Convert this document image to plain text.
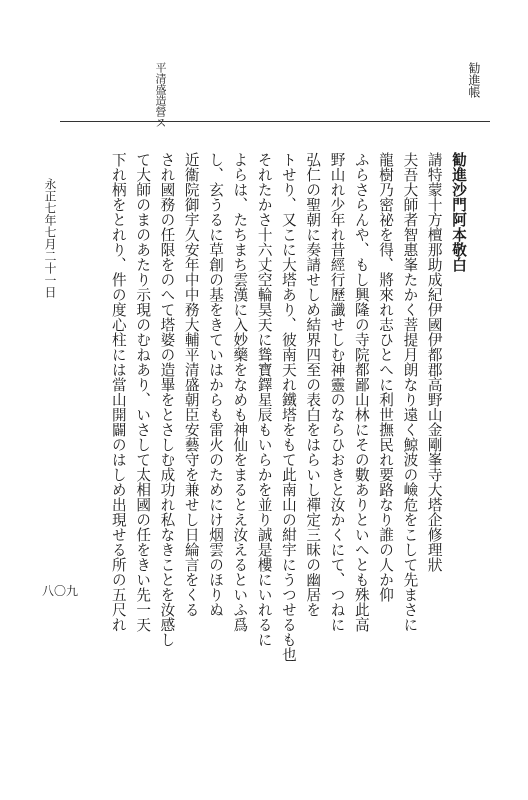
勧進帳
平清盛造營ス
勧進沙門阿本敬白
請特蒙十方檀那助成紀伊國伊都郡高野山金剛峯寺大塔企修理狀
夫吾大師者智惠峯たかく菩提月朗なり遠く鯨波の嶮危をこして先まさに
龍樹乃密祕を得、將來れ志ひとへに利世撫民れ要路なり誰の人か仰
ふらさらんや、もし興隆の寺院都鄙山林にその數ありといへとも殊此高
野山れ少年れ昔經行歷讖せしむ神靈のならひおきと汝かくにて、つねに
弘仁の聖朝に奏請せしめ結界四至の表白をはらいし禪定三昧の幽居を
トせり、又こに大塔あり、彼南天れ鐵塔をもて此南山の紺宇にうつせるも也
それたかさ十六丈空輪昊天に聳寶鐸星辰もいらかを並り誠是樓にいれるに
よらは、たちまち雲漢に入妙藥をなめも神仙をまるとえ汝えるといふ爲
し、玄うるに草創の基をきていはからも雷火のためにけ烟雲のほりぬ
近衞院御宇久安年中中務大輔平清盛朝臣安藝守を兼せし日綸言をくる
され國務の任限をのへて塔婆の造畢をとさしむ成功れ私なきことを汝感し
て大師のまのあたり示現のむねあり、いさして太相國の任をきい先一天
下れ柄をとれり、件の度心柱には當山開闢のはしめ出現せる所の五尺れ
永正七年七月二十一日
八〇九
